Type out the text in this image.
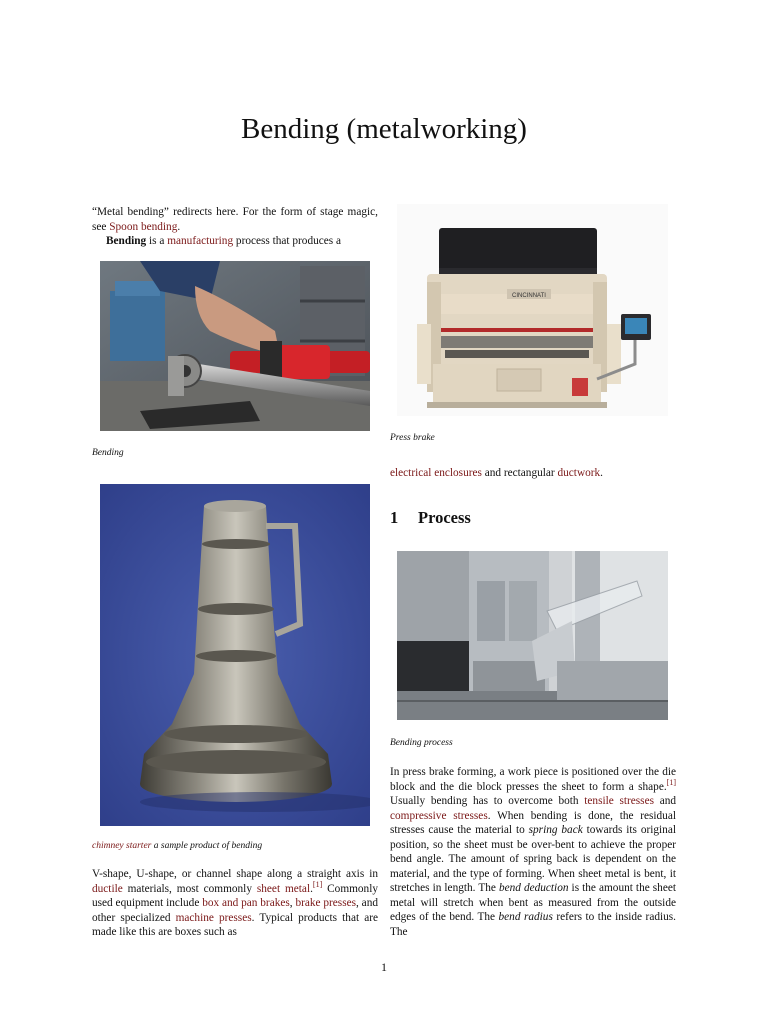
Bending (metalworking)

“Metal bending” redirects here. For the form of stage magic, see Spoon bending.

Bending is a manufacturing process that produces a

Bending
chimney starter a sample product of bending

V-shape, U-shape, or channel shape along a straight axis in ductile materials, most commonly sheet metal.[1] Commonly used equipment include box and pan brakes, brake presses, and other specialized machine presses. Typical products that are made like this are boxes such as

CINCINNATI
Press brake

electrical enclosures and rectangular ductwork.

1 Process
Bending process

In press brake forming, a work piece is positioned over the die block and the die block presses the sheet to form a shape.[1] Usually bending has to overcome both tensile stresses and compressive stresses. When bending is done, the residual stresses cause the material to spring back towards its original position, so the sheet must be over-bent to achieve the proper bend angle. The amount of spring back is dependent on the material, and the type of forming. When sheet metal is bent, it stretches in length. The bend deduction is the amount the sheet metal will stretch when bent as measured from the outside edges of the bend. The bend radius refers to the inside radius. The

1
